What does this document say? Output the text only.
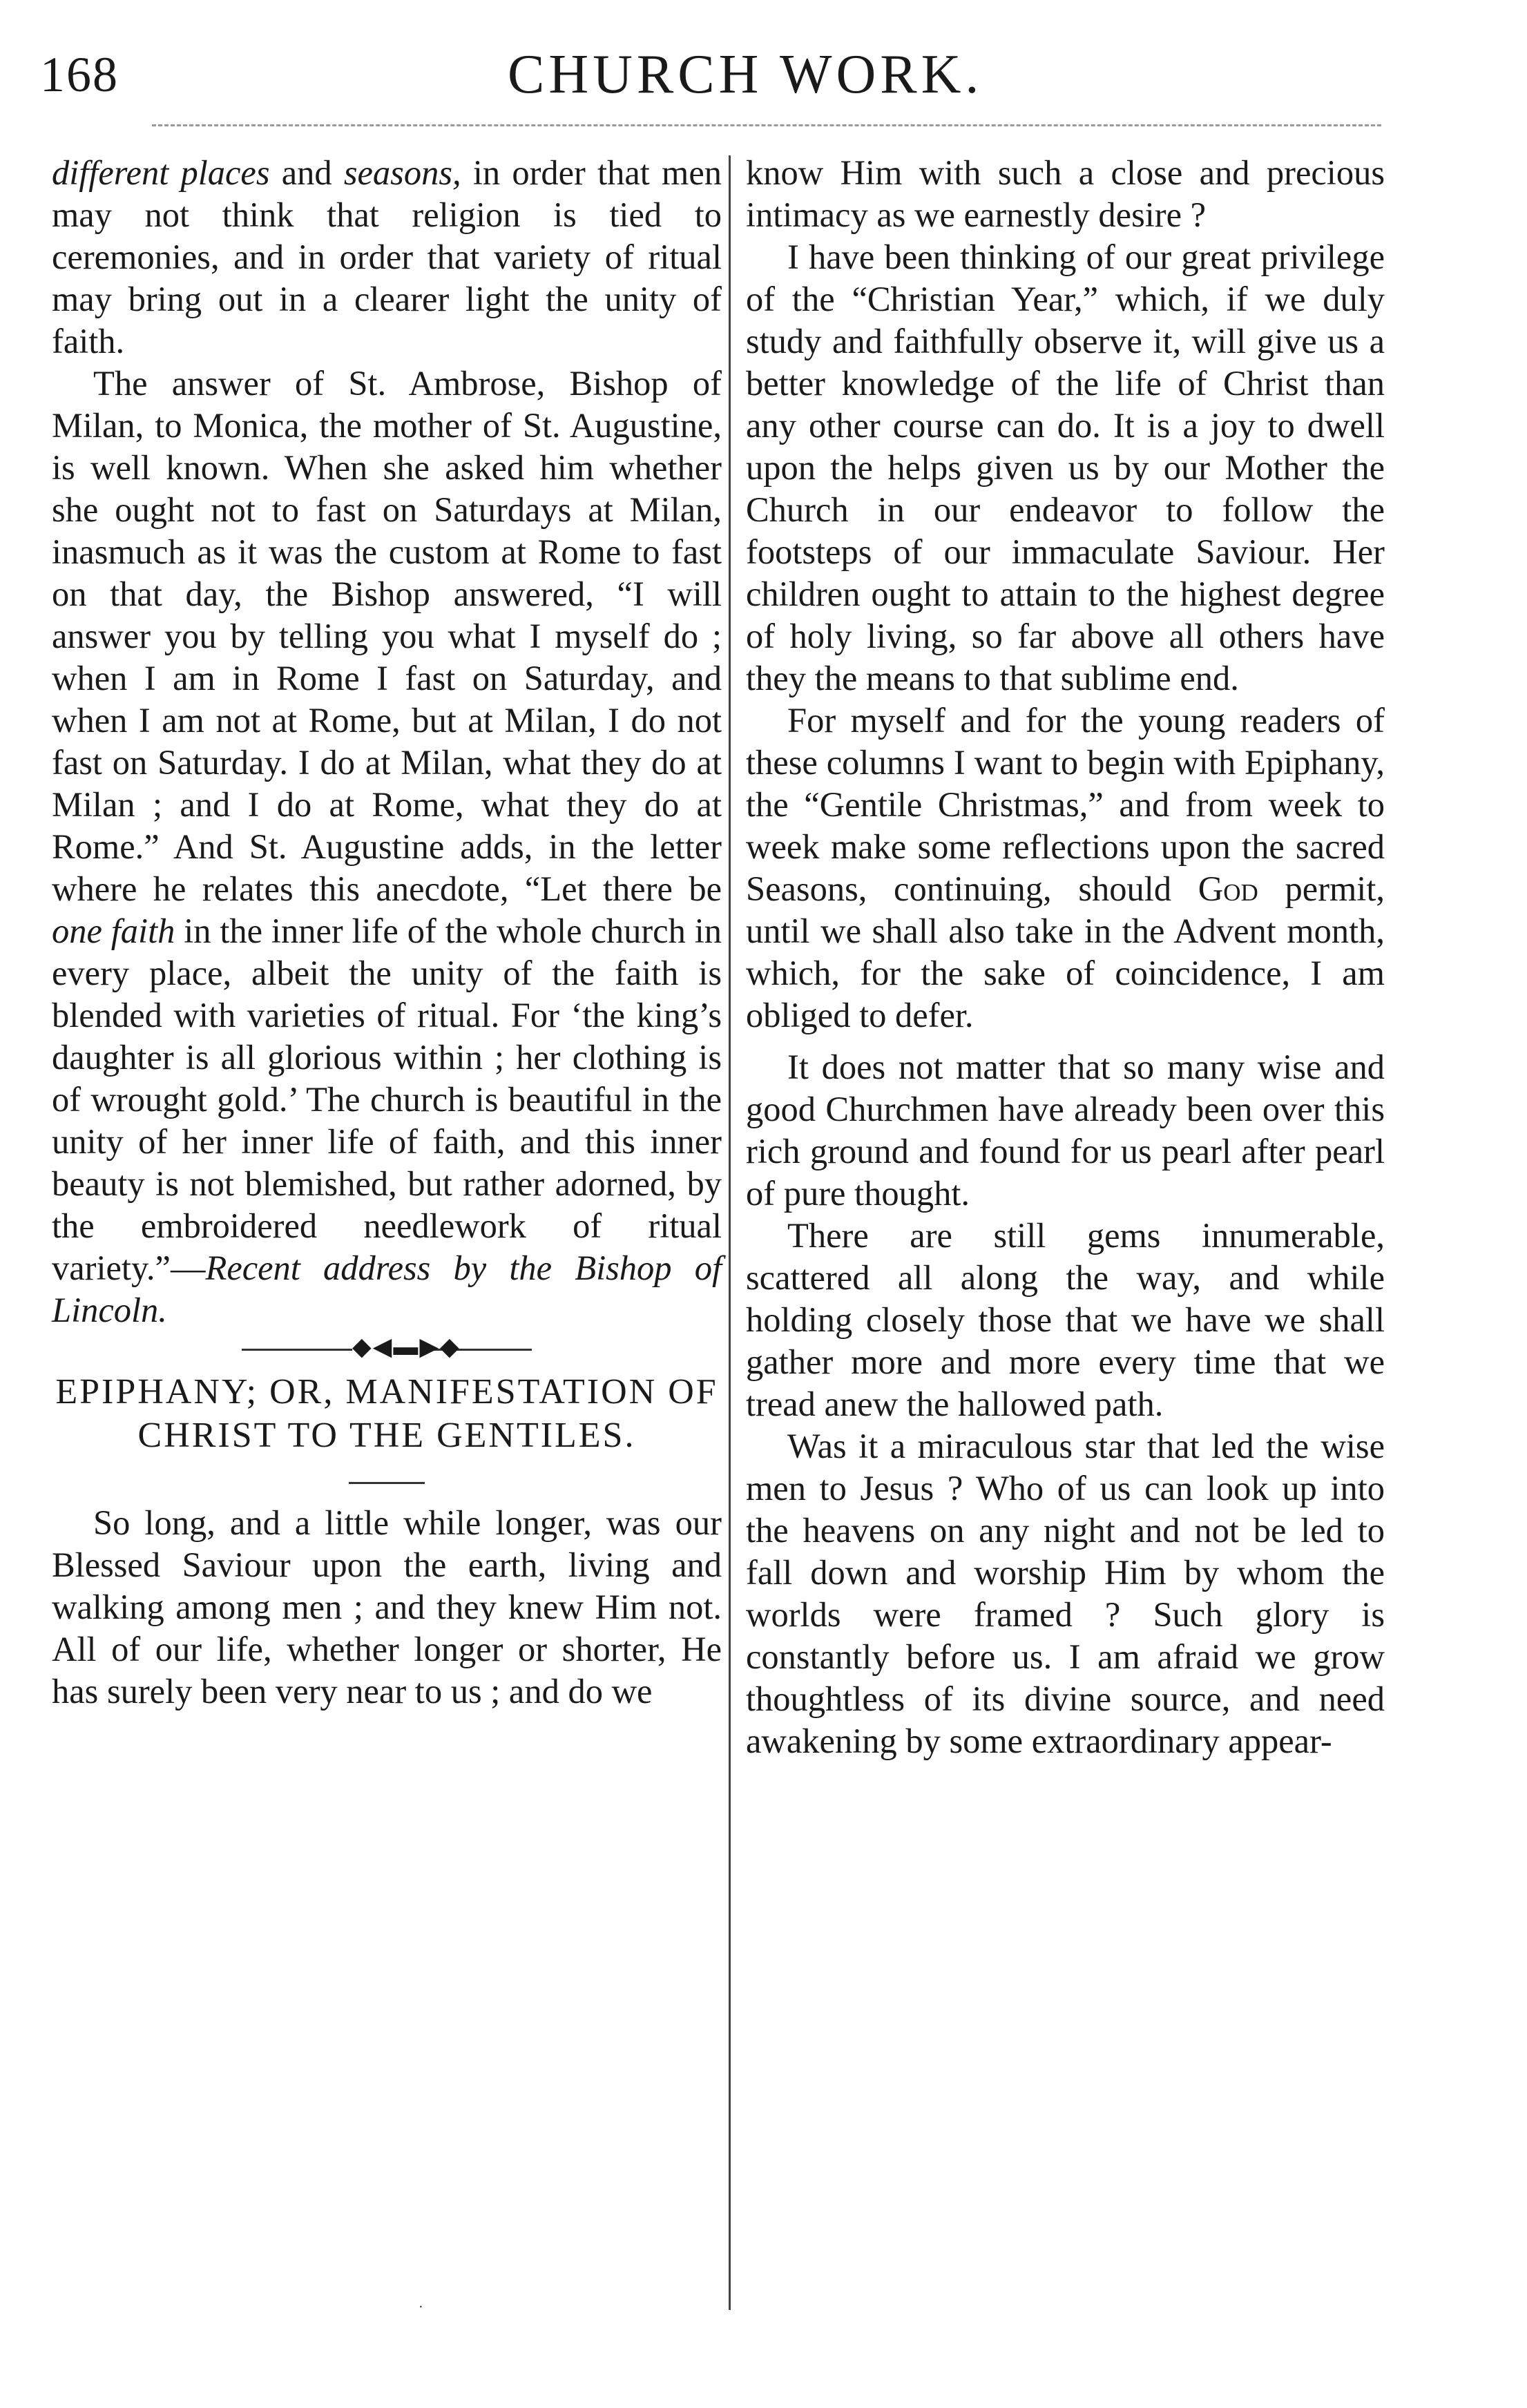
168	CHURCH WORK.

different places and seasons, in order that men may not think that religion is tied to ceremonies, and in order that variety of ritual may bring out in a clearer light the unity of faith.

The answer of St. Ambrose, Bishop of Milan, to Monica, the mother of St. Augustine, is well known. When she asked him whether she ought not to fast on Saturdays at Milan, inasmuch as it was the custom at Rome to fast on that day, the Bishop answered, “I will answer you by telling you what I myself do ; when I am in Rome I fast on Saturday, and when I am not at Rome, but at Milan, I do not fast on Saturday. I do at Milan, what they do at Milan ; and I do at Rome, what they do at Rome.” And St. Augustine adds, in the letter where he relates this anecdote, “Let there be one faith in the inner life of the whole church in every place, albeit the unity of the faith is blended with varieties of ritual. For ‘the king’s daughter is all glorious within ; her clothing is of wrought gold.’ The church is beautiful in the unity of her inner life of faith, and this inner beauty is not blemished, but rather adorned, by the embroidered needlework of ritual variety.”—Recent address by the Bishop of Lincoln.

◆◀▬▶◆
EPIPHANY; OR, MANIFESTATION OF CHRIST TO THE GENTILES.

So long, and a little while longer, was our Blessed Saviour upon the earth, living and walking among men ; and they knew Him not. All of our life, whether longer or shorter, He has surely been very near to us ; and do we

know Him with such a close and precious intimacy as we earnestly desire ?

I have been thinking of our great privilege of the “Christian Year,” which, if we duly study and faithfully observe it, will give us a better knowledge of the life of Christ than any other course can do. It is a joy to dwell upon the helps given us by our Mother the Church in our endeavor to follow the footsteps of our immaculate Saviour. Her children ought to attain to the highest degree of holy living, so far above all others have they the means to that sublime end.

For myself and for the young readers of these columns I want to begin with Epiphany, the “Gentile Christmas,” and from week to week make some reflections upon the sacred Seasons, continuing, should God permit, until we shall also take in the Advent month, which, for the sake of coincidence, I am obliged to defer.

It does not matter that so many wise and good Churchmen have already been over this rich ground and found for us pearl after pearl of pure thought.

There are still gems innumerable, scattered all along the way, and while holding closely those that we have we shall gather more and more every time that we tread anew the hallowed path.

Was it a miraculous star that led the wise men to Jesus ? Who of us can look up into the heavens on any night and not be led to fall down and worship Him by whom the worlds were framed ? Such glory is constantly before us. I am afraid we grow thoughtless of its divine source, and need awakening by some extraordinary appear-

·
